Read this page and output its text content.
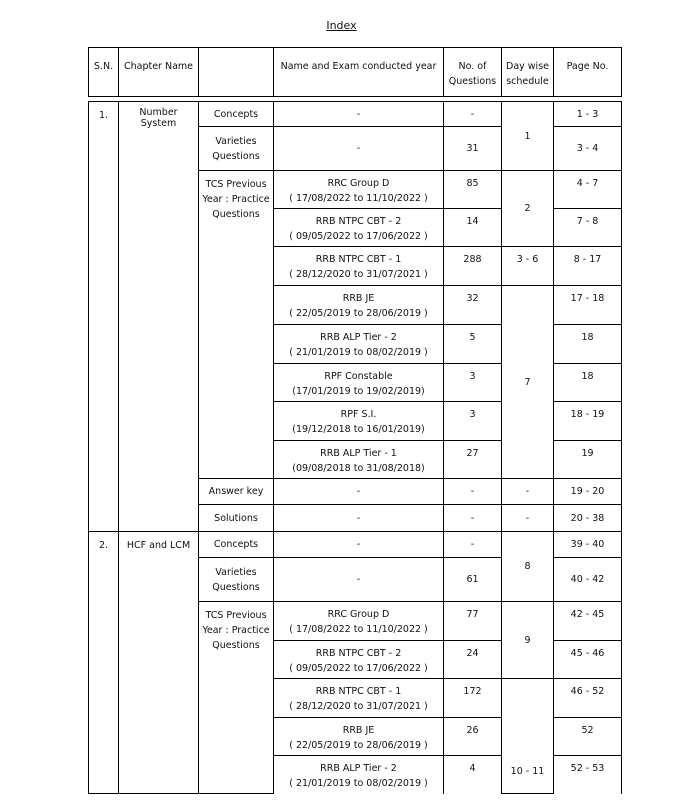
Index
S.N.	Chapter Name		Name and Exam conducted year	No. of
Questions	Day wise
schedule	Page No.

1.	Number
System	Concepts	-	-	1	1 - 3
		Varieties
Questions	-	31		3 - 4
		TCS Previous
Year : Practice
Questions	RRC Group D
( 17/08/2022 to 11/10/2022 )	85	2	4 - 7
			RRB NTPC CBT - 2
( 09/05/2022 to 17/06/2022 )	14		7 - 8
			RRB NTPC CBT - 1
( 28/12/2020 to 31/07/2021 )	288	3 - 6	8 - 17
			RRB JE
( 22/05/2019 to 28/06/2019 )	32	7	17 - 18
			RRB ALP Tier - 2
( 21/01/2019 to 08/02/2019 )	5		18
			RPF Constable
(17/01/2019 to 19/02/2019)	3		18
			RPF S.I.
(19/12/2018 to 16/01/2019)	3		18 - 19
			RRB ALP Tier - 1
(09/08/2018 to 31/08/2018)	27		19
		Answer key	-	-	-	19 - 20
		Solutions	-	-	-	20 - 38
2.	HCF and LCM	Concepts	-	-	8	39 - 40
		Varieties
Questions	-	61		40 - 42
		TCS Previous
Year : Practice
Questions	RRC Group D
( 17/08/2022 to 11/10/2022 )	77	9	42 - 45
			RRB NTPC CBT - 2
( 09/05/2022 to 17/06/2022 )	24		45 - 46
			RRB NTPC CBT - 1
( 28/12/2020 to 31/07/2021 )	172	10 - 11	46 - 52
			RRB JE
( 22/05/2019 to 28/06/2019 )	26		52
			RRB ALP Tier - 2
( 21/01/2019 to 08/02/2019 )	4		52 - 53
